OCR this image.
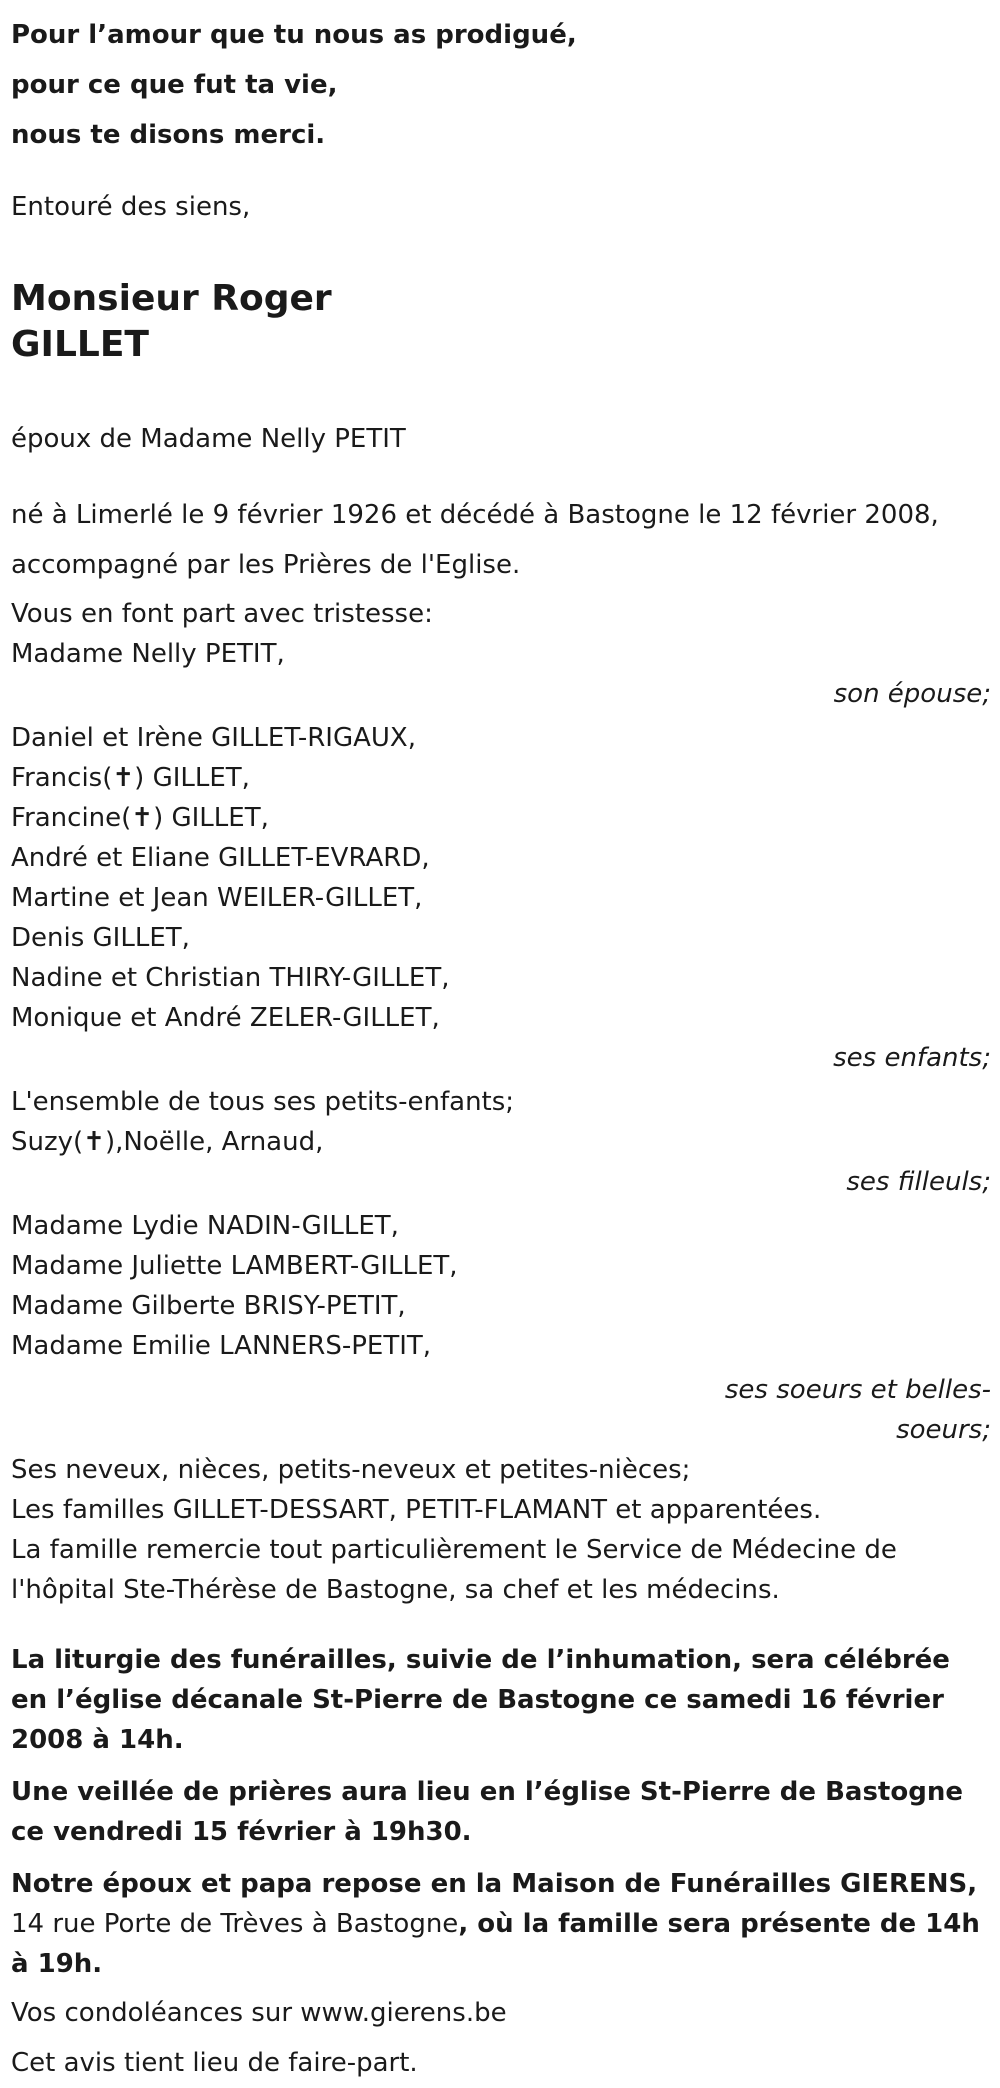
Pour l’amour que tu nous as prodigué,
pour ce que fut ta vie,
nous te disons merci.
Entouré des siens,
Monsieur Roger
GILLET
époux de Madame Nelly PETIT
né à Limerlé le 9 février 1926 et décédé à Bastogne le 12 février 2008,
accompagné par les Prières de l'Eglise.
Vous en font part avec tristesse:
Madame Nelly PETIT,
son épouse;
Daniel et Irène GILLET-RIGAUX,
Francis(✝) GILLET,
Francine(✝) GILLET,
André et Eliane GILLET-EVRARD,
Martine et Jean WEILER-GILLET,
Denis GILLET,
Nadine et Christian THIRY-GILLET,
Monique et André ZELER-GILLET,
ses enfants;
L'ensemble de tous ses petits-enfants;
Suzy(✝),Noëlle, Arnaud,
ses filleuls;
Madame Lydie NADIN-GILLET,
Madame Juliette LAMBERT-GILLET,
Madame Gilberte BRISY-PETIT,
Madame Emilie LANNERS-PETIT,
ses soeurs et belles-soeurs;
Ses neveux, nièces, petits-neveux et petites-nièces;
Les familles GILLET-DESSART, PETIT-FLAMANT et apparentées.
La famille remercie tout particulièrement le Service de Médecine de
l'hôpital Ste-Thérèse de Bastogne, sa chef et les médecins.
La liturgie des funérailles, suivie de l’inhumation, sera célébrée en l’église décanale St-Pierre de Bastogne ce samedi 16 février 2008 à 14h.
Une veillée de prières aura lieu en l’église St-Pierre de Bastogne ce vendredi 15 février à 19h30.
Notre époux et papa repose en la Maison de Funérailles GIERENS, 14 rue Porte de Trèves à Bastogne, où la famille sera présente de 14h à 19h.
Vos condoléances sur www.gierens.be
Cet avis tient lieu de faire-part.
